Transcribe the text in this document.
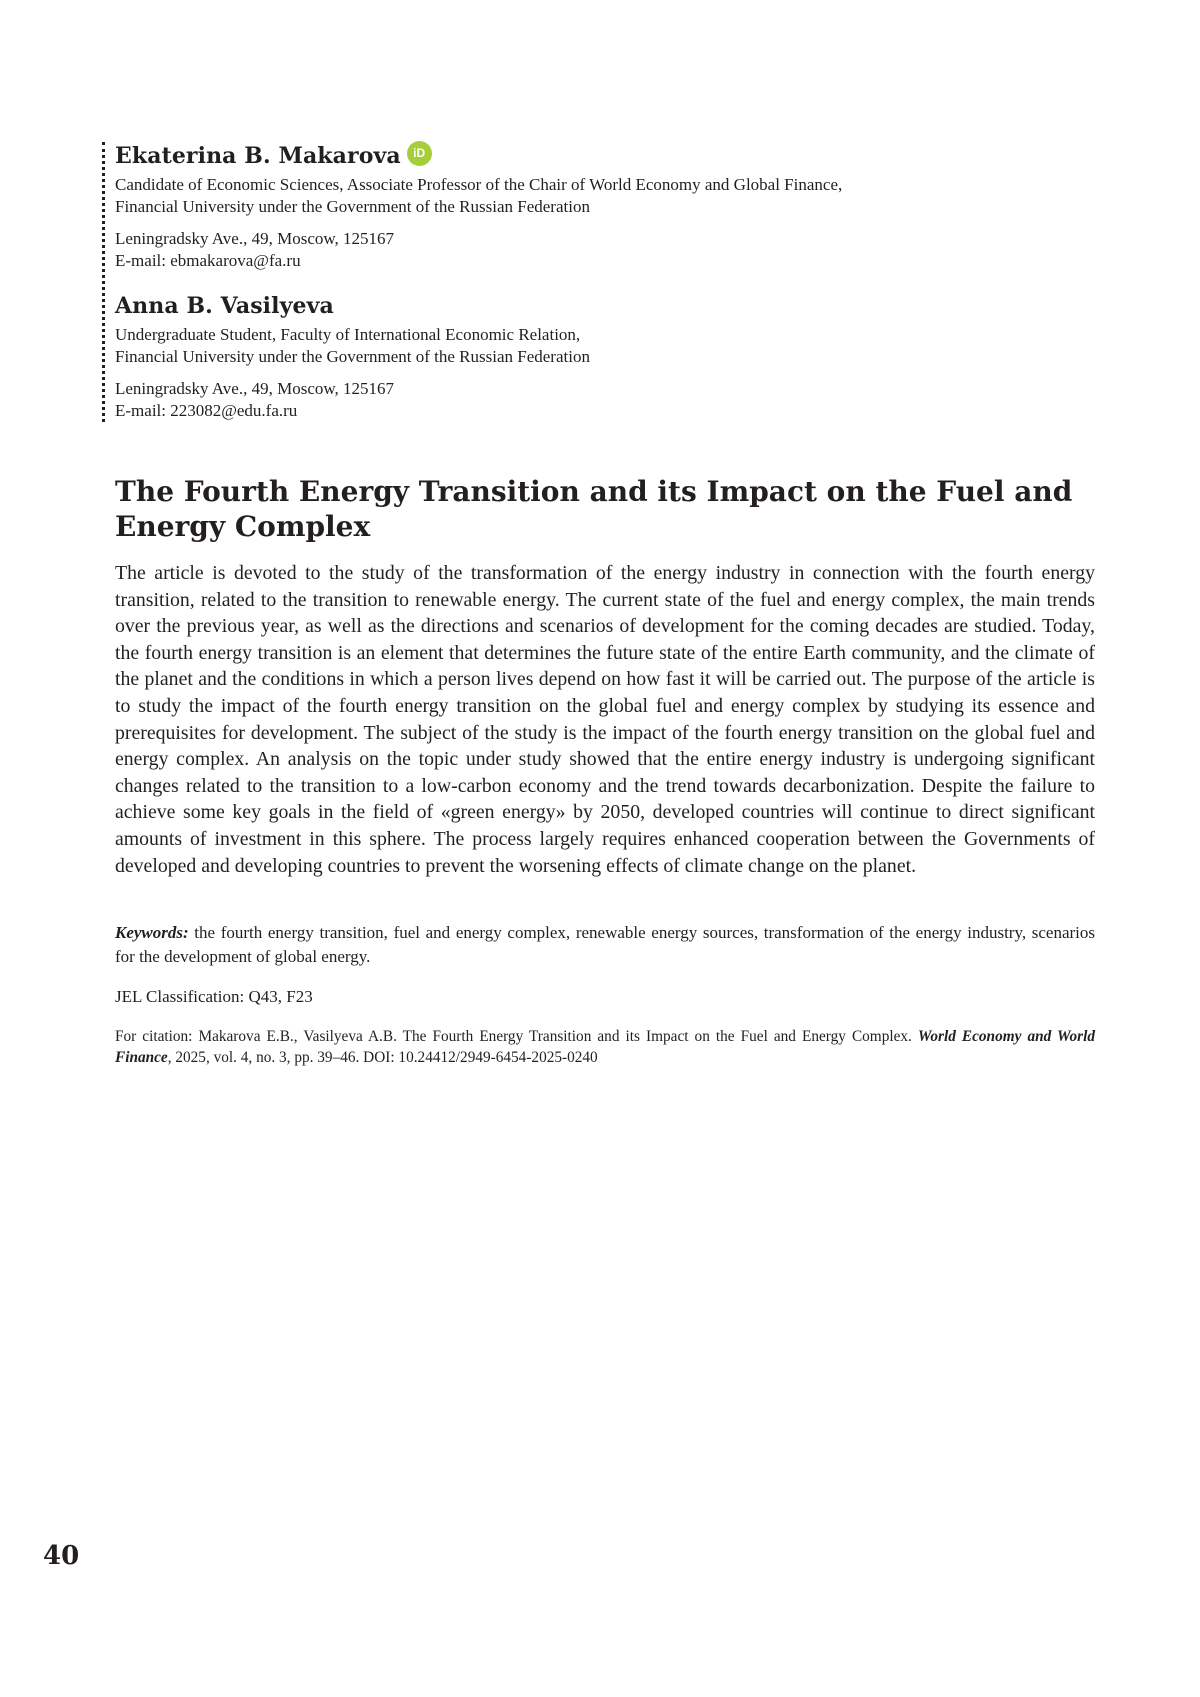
Ekaterina B. Makarova	iD
Candidate of Economic Sciences, Associate Professor of the Chair of World Economy and Global Finance,
Financial University under the Government of the Russian Federation
Leningradsky Ave., 49, Moscow, 125167
E-mail: ebmakarova@fa.ru
Anna B. Vasilyeva
Undergraduate Student, Faculty of International Economic Relation,
Financial University under the Government of the Russian Federation
Leningradsky Ave., 49, Moscow, 125167
E-mail: 223082@edu.fa.ru
The Fourth Energy Transition and its Impact on the Fuel and Energy Complex

The article is devoted to the study of the transformation of the energy industry in connection with the fourth energy transition, related to the transition to renewable energy. The current state of the fuel and energy complex, the main trends over the previous year, as well as the directions and scenarios of development for the coming decades are studied. Today, the fourth energy transition is an element that determines the future state of the entire Earth community, and the climate of the planet and the conditions in which a person lives depend on how fast it will be carried out. The purpose of the article is to study the impact of the fourth energy transition on the global fuel and energy complex by studying its essence and prerequisites for development. The subject of the study is the impact of the fourth energy transition on the global fuel and energy complex. An analysis on the topic under study showed that the entire energy industry is undergoing significant changes related to the transition to a low-carbon economy and the trend towards decarbonization. Despite the failure to achieve some key goals in the field of «green energy» by 2050, developed countries will continue to direct significant amounts of investment in this sphere. The process largely requires enhanced cooperation between the Governments of developed and developing countries to prevent the worsening effects of climate change on the planet.

Keywords: the fourth energy transition, fuel and energy complex, renewable energy sources, transformation of the energy industry, scenarios for the development of global energy.

JEL Classification: Q43, F23

For citation: Makarova E.B., Vasilyeva A.B. The Fourth Energy Transition and its Impact on the Fuel and Energy Complex. World Economy and World Finance, 2025, vol. 4, no. 3, pp. 39–46. DOI: 10.24412/2949-6454-2025-0240

40
